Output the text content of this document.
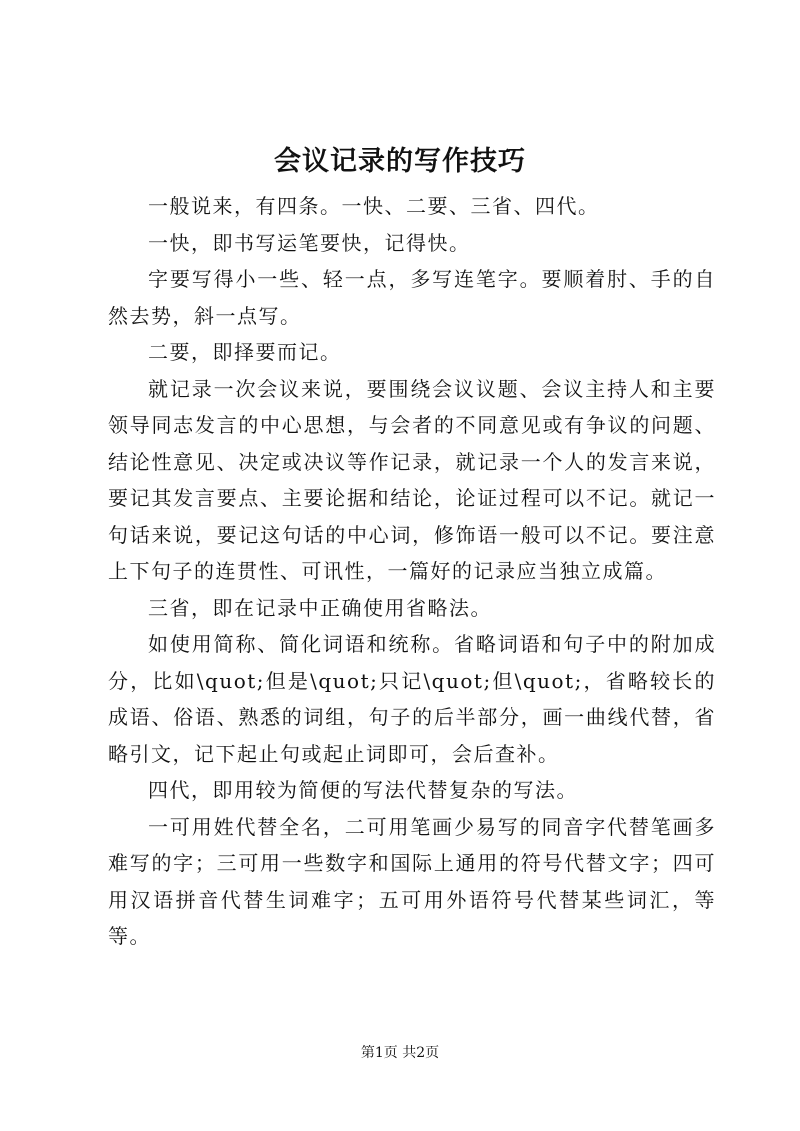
会议记录的写作技巧

一般说来，有四条。一快、二要、三省、四代。

一快，即书写运笔要快，记得快。

字要写得小一些、轻一点，多写连笔字。要顺着肘、手的自然去势，斜一点写。

二要，即择要而记。

就记录一次会议来说，要围绕会议议题、会议主持人和主要领导同志发言的中心思想，与会者的不同意见或有争议的问题、结论性意见、决定或决议等作记录，就记录一个人的发言来说，要记其发言要点、主要论据和结论，论证过程可以不记。就记一句话来说，要记这句话的中心词，修饰语一般可以不记。要注意上下句子的连贯性、可讯性，一篇好的记录应当独立成篇。

三省，即在记录中正确使用省略法。

如使用简称、简化词语和统称。省略词语和句子中的附加成分，比如\quot;但是\quot;只记\quot;但\quot;，省略较长的成语、俗语、熟悉的词组，句子的后半部分，画一曲线代替，省略引文，记下起止句或起止词即可，会后查补。

四代，即用较为简便的写法代替复杂的写法。

一可用姓代替全名，二可用笔画少易写的同音字代替笔画多难写的字；三可用一些数字和国际上通用的符号代替文字；四可用汉语拼音代替生词难字；五可用外语符号代替某些词汇，等等。

第1页 共2页
